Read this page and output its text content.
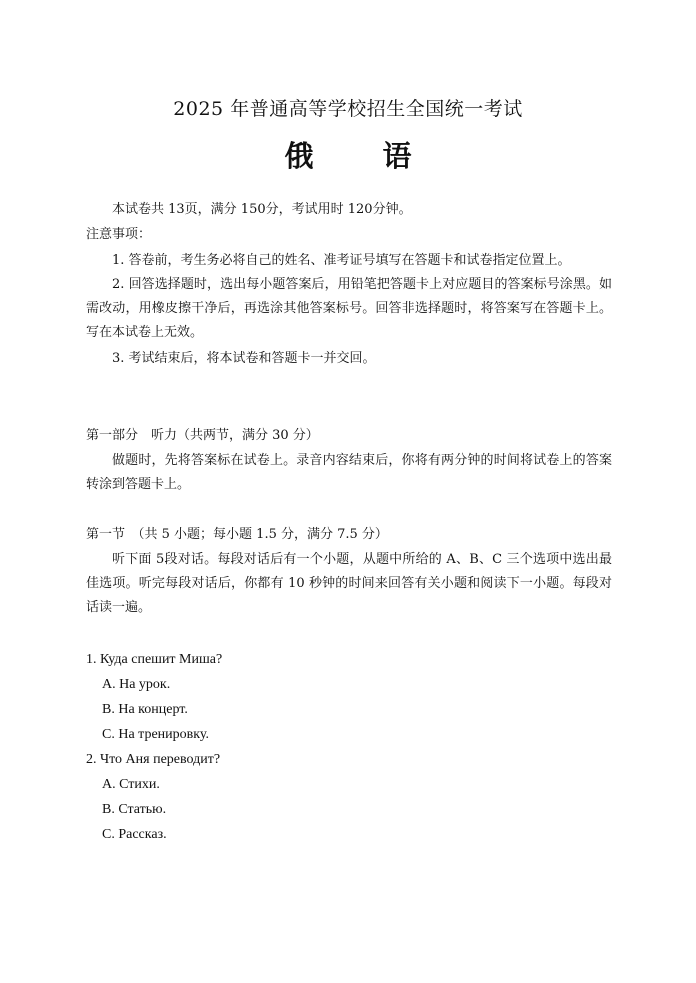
2025 年普通高等学校招生全国统一考试
俄　语
本试卷共 13页，满分 150分，考试用时 120分钟。
注意事项：
1. 答卷前，考生务必将自己的姓名、准考证号填写在答题卡和试卷指定位置上。
2. 回答选择题时，选出每小题答案后，用铅笔把答题卡上对应题目的答案标号涂黑。如需改动，用橡皮擦干净后，再选涂其他答案标号。回答非选择题时，将答案写在答题卡上。写在本试卷上无效。
3. 考试结束后，将本试卷和答题卡一并交回。
第一部分　听力（共两节，满分 30 分）
做题时，先将答案标在试卷上。录音内容结束后，你将有两分钟的时间将试卷上的答案转涂到答题卡上。
第一节　（共 5 小题；每小题 1.5 分，满分 7.5 分）
听下面 5段对话。每段对话后有一个小题，从题中所给的 A、B、C 三个选项中选出最佳选项。听完每段对话后，你都有 10 秒钟的时间来回答有关小题和阅读下一小题。每段对话读一遍。
1. Куда спешит Миша?
A. На урок.
B. На концерт.
C. На тренировку.
2. Что Аня переводит?
A. Стихи.
B. Статью.
C. Рассказ.
